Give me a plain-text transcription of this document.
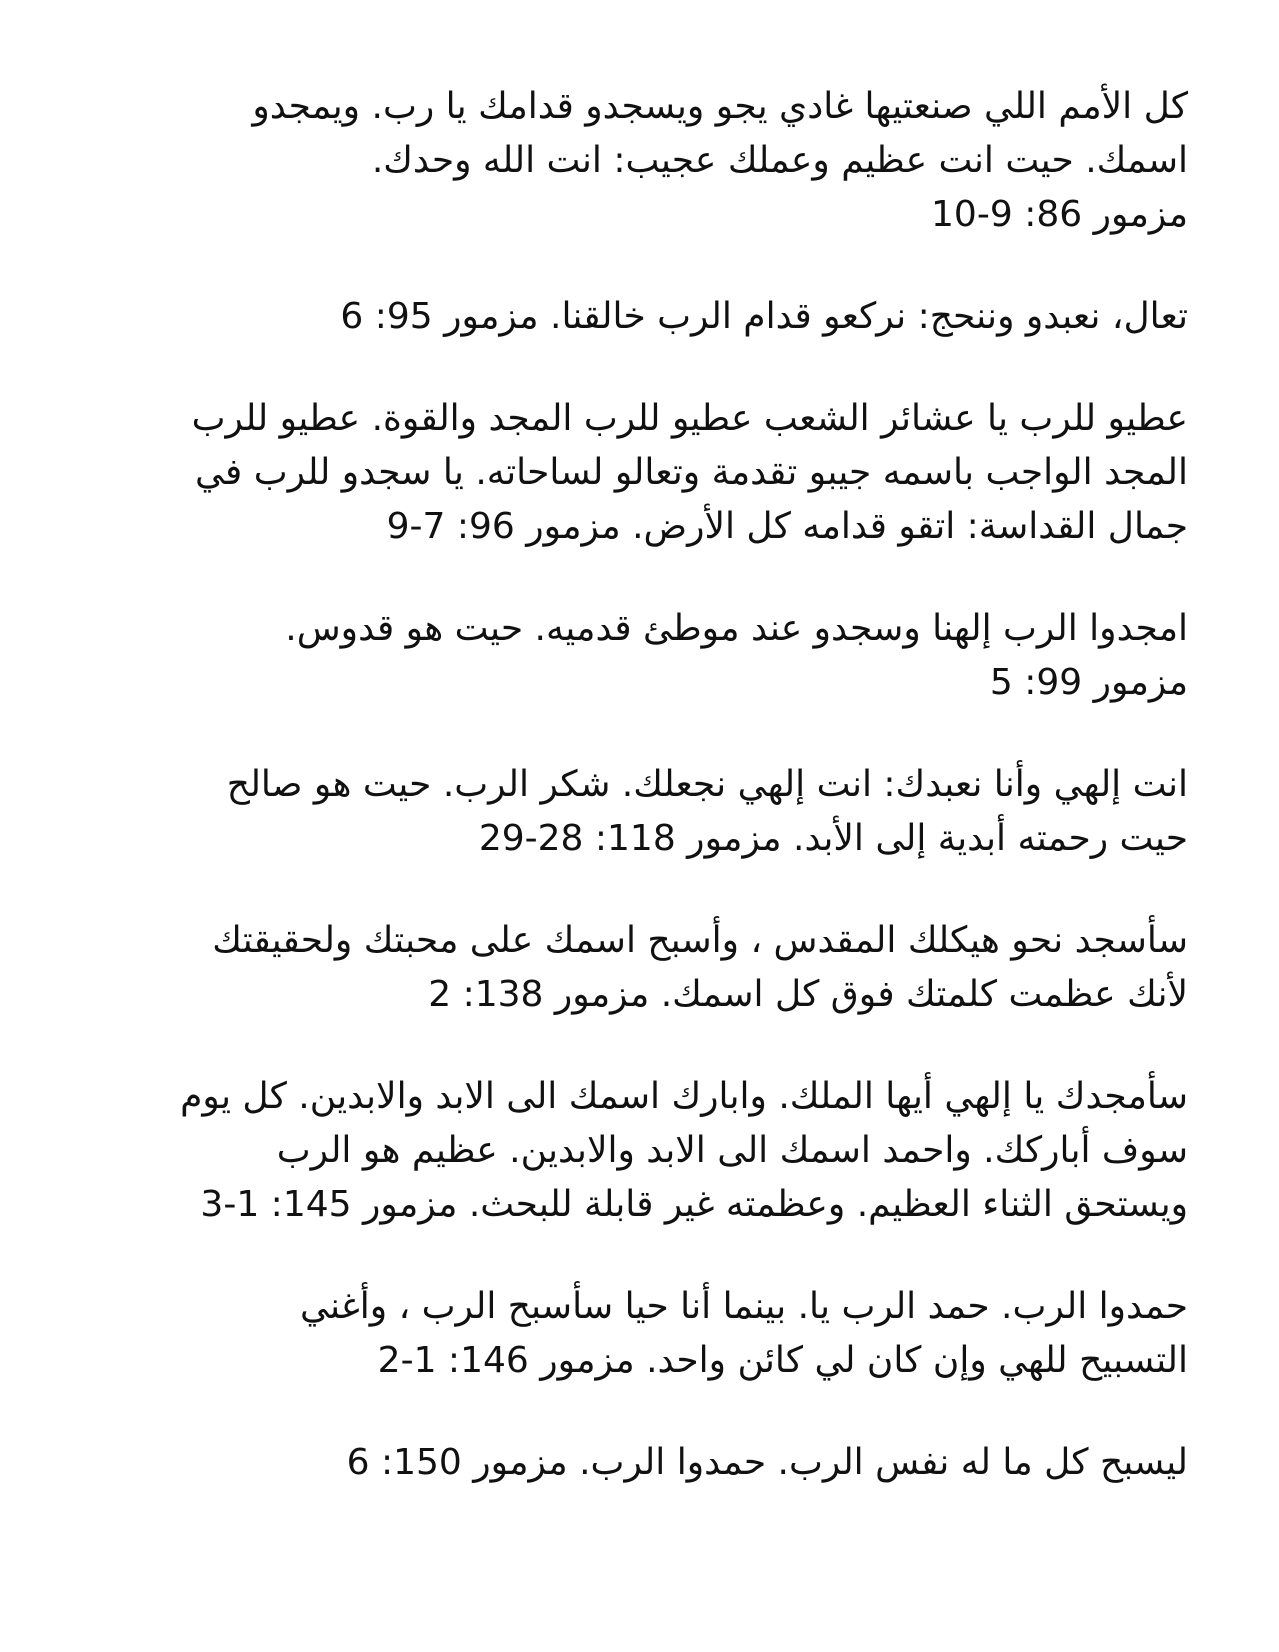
كل الأمم اللي صنعتيها غادي يجو ويسجدو قدامك يا رب. ويمجدو
اسمك. حيت انت عظيم وعملك عجيب: انت الله وحدك.
مزمور 86: 9-10

تعال، نعبدو وننحج: نركعو قدام الرب خالقنا. مزمور 95: 6

عطيو للرب يا عشائر الشعب عطيو للرب المجد والقوة. عطيو للرب
المجد الواجب باسمه جيبو تقدمة وتعالو لساحاته. يا سجدو للرب في
جمال القداسة: اتقو قدامه كل الأرض. مزمور 96: 7-9

امجدوا الرب إلهنا وسجدو عند موطئ قدميه. حيت هو قدوس.
مزمور 99: 5

انت إلهي وأنا نعبدك: انت إلهي نجعلك. شكر الرب. حيت هو صالح
حيت رحمته أبدية إلى الأبد. مزمور 118: 28-29

سأسجد نحو هيكلك المقدس ، وأسبح اسمك على محبتك ولحقيقتك
لأنك عظمت كلمتك فوق كل اسمك. مزمور 138: 2

سأمجدك يا إلهي أيها الملك. وابارك اسمك الى الابد والابدين. كل يوم
سوف أباركك. واحمد اسمك الى الابد والابدين. عظيم هو الرب
ويستحق الثناء العظيم. وعظمته غير قابلة للبحث. مزمور 145: 1-3

حمدوا الرب. حمد الرب يا. بينما أنا حيا سأسبح الرب ، وأغني
التسبيح للهي وإن كان لي كائن واحد. مزمور 146: 1-2

ليسبح كل ما له نفس الرب. حمدوا الرب. مزمور 150: 6
